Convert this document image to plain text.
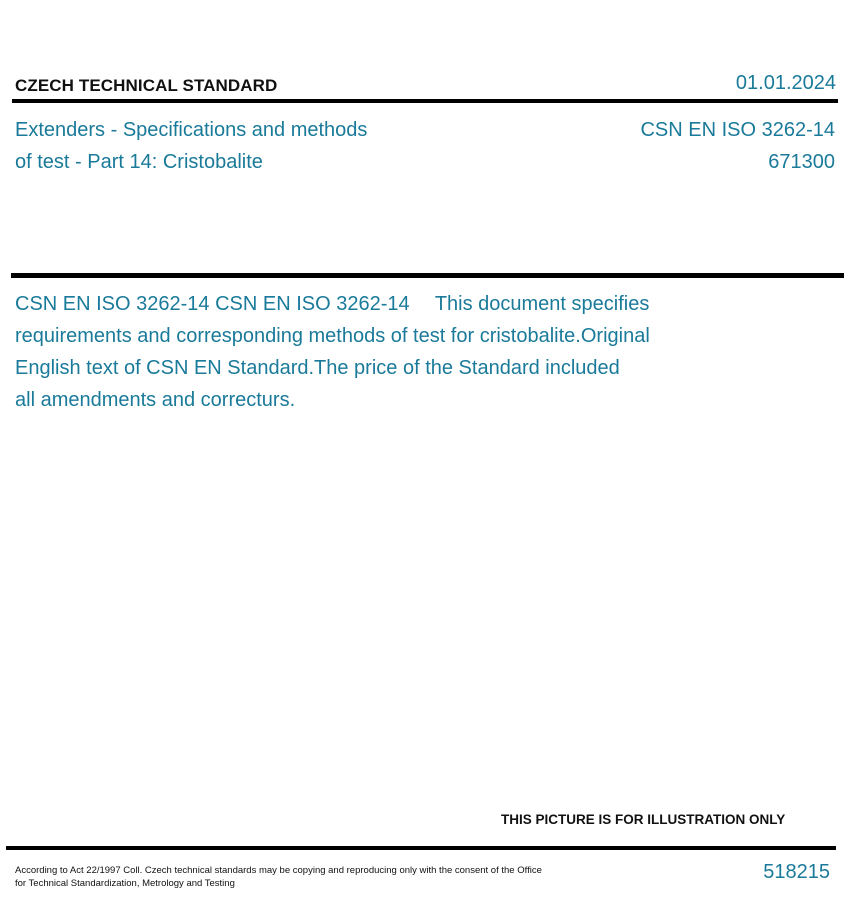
CZECH TECHNICAL STANDARD	01.01.2024
Extenders - Specifications and methods
of test - Part 14: Cristobalite
CSN EN ISO 3262-14
671300
CSN EN ISO 3262-14 CSN EN ISO 3262-14  This document specifies
requirements and corresponding methods of test for cristobalite.Original
English text of CSN EN Standard.The price of the Standard included
all amendments and correcturs.
THIS PICTURE IS FOR ILLUSTRATION ONLY
According to Act 22/1997 Coll. Czech technical standards may be copying and reproducing only with the consent of the Office
for Technical Standardization, Metrology and Testing
518215
